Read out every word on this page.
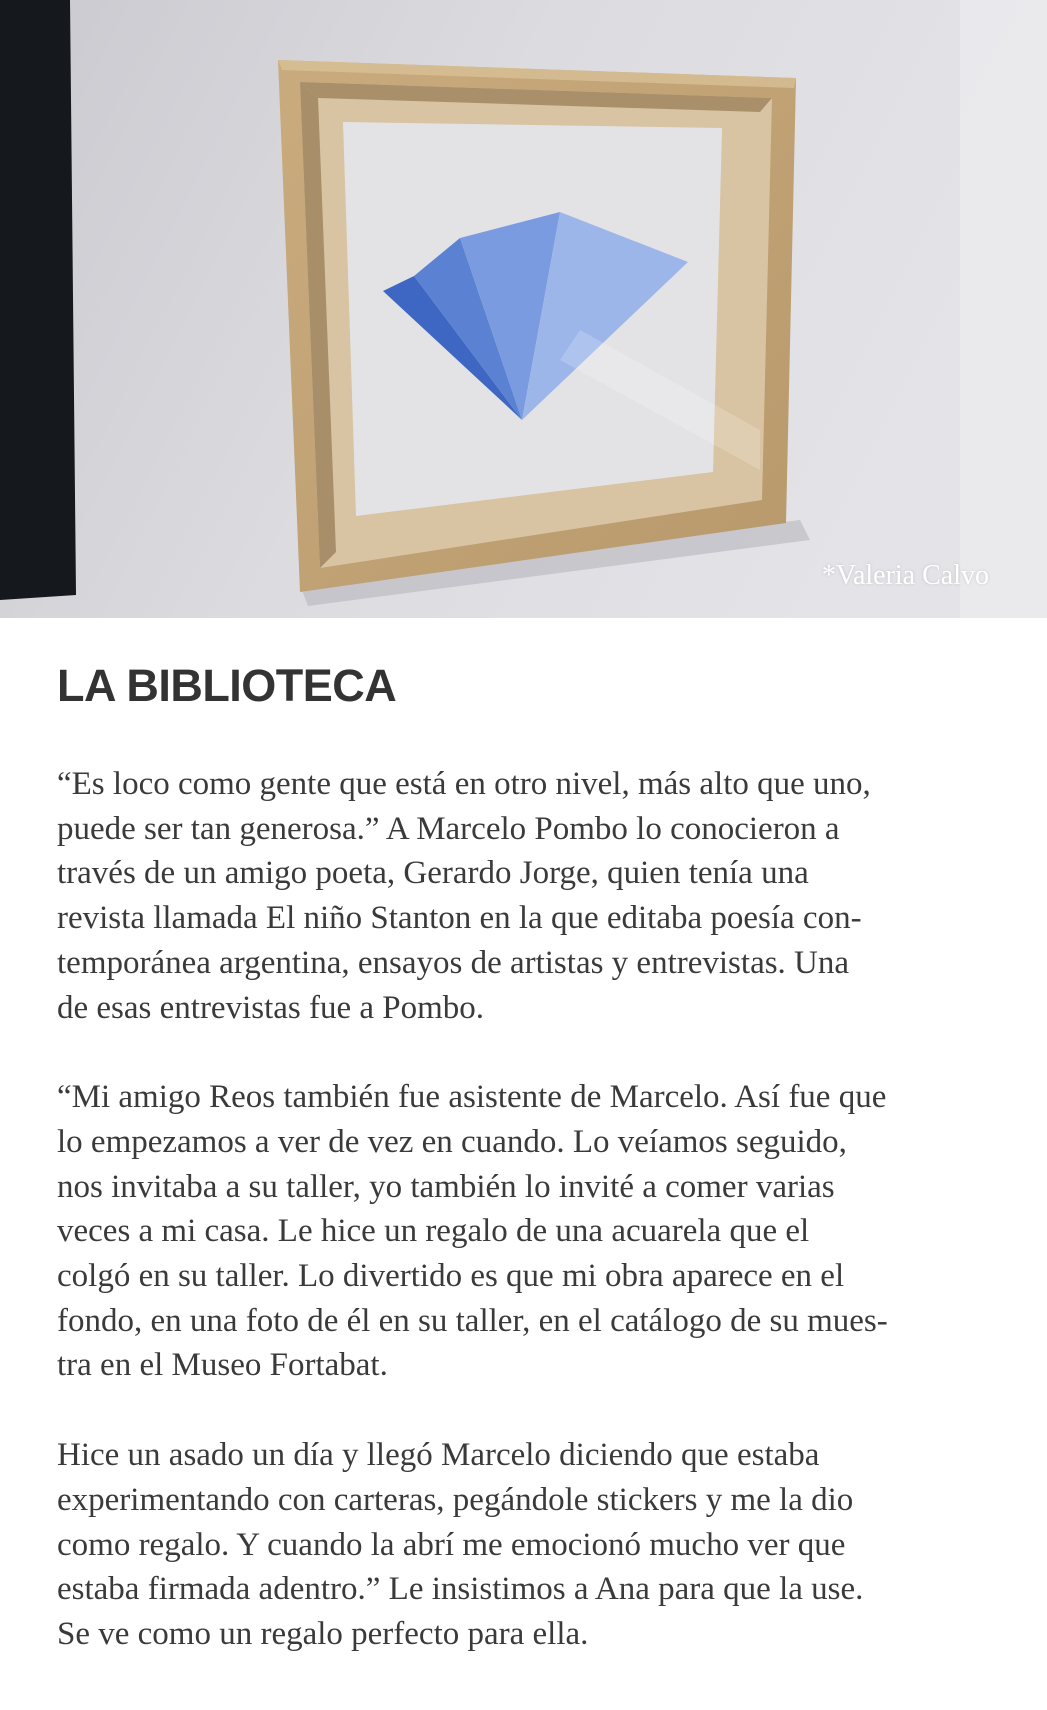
*Valeria Calvo
LA BIBLIOTECA

“Es loco como gente que está en otro nivel, más alto que uno,
puede ser tan generosa.” A Marcelo Pombo lo conocieron a
través de un amigo poeta, Gerardo Jorge, quien tenía una
revista llamada El niño Stanton en la que editaba poesía con-
temporánea argentina, ensayos de artistas y entrevistas. Una
de esas entrevistas fue a Pombo.

“Mi amigo Reos también fue asistente de Marcelo. Así fue que
lo empezamos a ver de vez en cuando. Lo veíamos seguido,
nos invitaba a su taller, yo también lo invité a comer varias
veces a mi casa. Le hice un regalo de una acuarela que el
colgó en su taller. Lo divertido es que mi obra aparece en el
fondo, en una foto de él en su taller, en el catálogo de su mues-
tra en el Museo Fortabat.

Hice un asado un día y llegó Marcelo diciendo que estaba
experimentando con carteras, pegándole stickers y me la dio
como regalo. Y cuando la abrí me emocionó mucho ver que
estaba firmada adentro.” Le insistimos a Ana para que la use.
Se ve como un regalo perfecto para ella.
